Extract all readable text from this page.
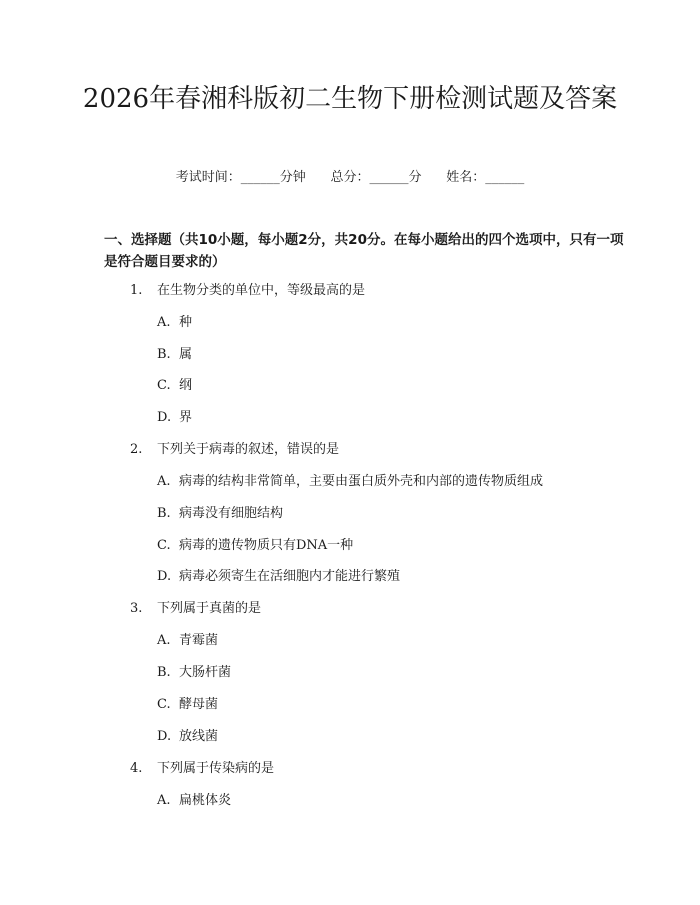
2026年春湘科版初二生物下册检测试题及答案
考试时间：______分钟      总分：______分      姓名：______
一、选择题（共10小题，每小题2分，共20分。在每小题给出的四个选项中，只有一项是符合题目要求的）
1.	在生物分类的单位中，等级最高的是
A. 种
B. 属
C. 纲
D. 界
2.	下列关于病毒的叙述，错误的是
A. 病毒的结构非常简单，主要由蛋白质外壳和内部的遗传物质组成
B. 病毒没有细胞结构
C. 病毒的遗传物质只有DNA一种
D. 病毒必须寄生在活细胞内才能进行繁殖
3.	下列属于真菌的是
A. 青霉菌
B. 大肠杆菌
C. 酵母菌
D. 放线菌
4.	下列属于传染病的是
A. 扁桃体炎
